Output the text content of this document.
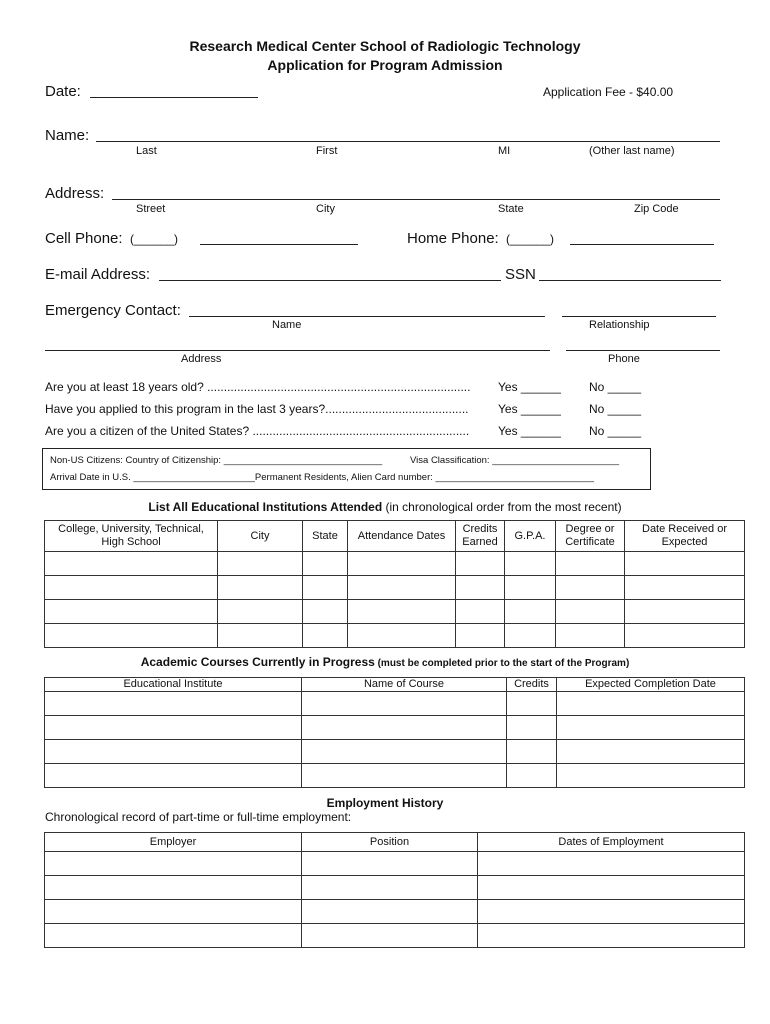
Research Medical Center School of Radiologic Technology
Application for Program Admission
Date:	Application Fee - $40.00
Name:
Last	First	MI	(Other last name)
Address:
Street	City	State	Zip Code
Cell Phone: (______)	Home Phone: (______)
E-mail Address:	SSN
Emergency Contact:
Name	Relationship
Address	Phone
Are you at least 18 years old? ...............................................................................	Yes ______ No _____
Have you applied to this program in the last 3 years?...........................................	Yes ______ No _____
Are you a citizen of the United States? .................................................................	Yes ______ No _____
Non-US Citizens: Country of Citizenship: ______________________________	Visa Classification: ________________________
Arrival Date in U.S. _______________________Permanent Residents, Alien Card number: ______________________________
List All Educational Institutions Attended (in chronological order from the most recent)
College, University, Technical, High School	City	State	Attendance Dates	Credits Earned	G.P.A.	Degree or Certificate	Date Received or Expected

Academic Courses Currently in Progress (must be completed prior to the start of the Program)
Educational Institute	Name of Course	Credits	Expected Completion Date

Employment History
Chronological record of part-time or full-time employment:
Employer	Position	Dates of Employment
